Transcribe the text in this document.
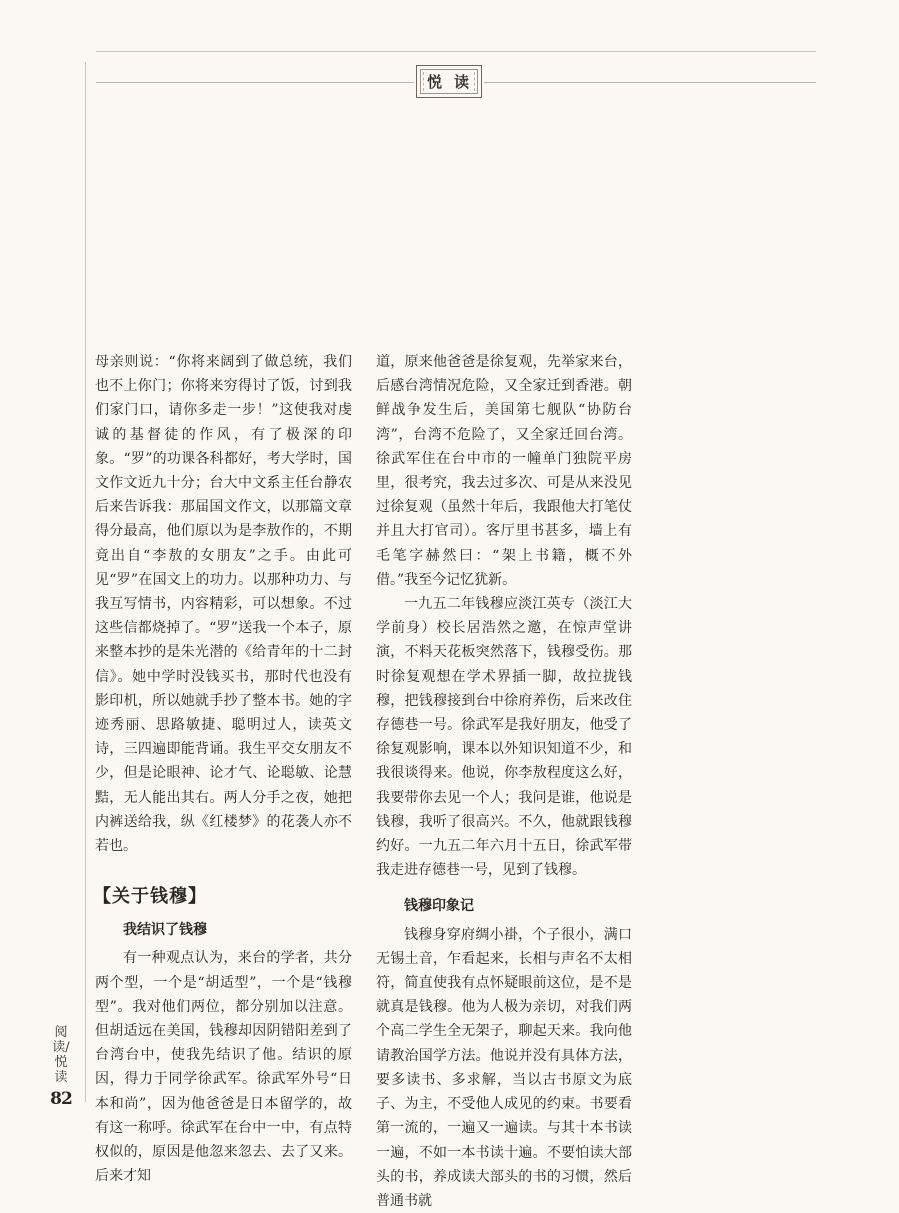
悦读

母亲则说：“你将来阔到了做总统，我们也不上你门；你将来穷得讨了饭，讨到我们家门口，请你多走一步！”这使我对虔诚的基督徒的作风，有了极深的印象。“罗”的功课各科都好，考大学时，国文作文近九十分；台大中文系主任台静农后来告诉我：那届国文作文，以那篇文章得分最高，他们原以为是李敖作的，不期竟出自“李敖的女朋友”之手。由此可见“罗”在国文上的功力。以那种功力、与我互写情书，内容精彩，可以想象。不过这些信都烧掉了。“罗”送我一个本子，原来整本抄的是朱光潜的《给青年的十二封信》。她中学时没钱买书，那时代也没有影印机，所以她就手抄了整本书。她的字迹秀丽、思路敏捷、聪明过人，读英文诗，三四遍即能背诵。我生平交女朋友不少，但是论眼神、论才气、论聪敏、论慧黠，无人能出其右。两人分手之夜，她把内裤送给我，纵《红楼梦》的花袭人亦不若也。

【关于钱穆】
我结识了钱穆

有一种观点认为，来台的学者，共分两个型，一个是“胡适型”，一个是“钱穆型”。我对他们两位，都分别加以注意。但胡适远在美国，钱穆却因阴错阳差到了台湾台中，使我先结识了他。结识的原因，得力于同学徐武军。徐武军外号“日本和尚”，因为他爸爸是日本留学的，故有这一称呼。徐武军在台中一中，有点特权似的，原因是他忽来忽去、去了又来。后来才知

道，原来他爸爸是徐复观，先举家来台，后感台湾情况危险，又全家迁到香港。朝鲜战争发生后，美国第七舰队“协防台湾”，台湾不危险了，又全家迁回台湾。徐武军住在台中市的一幢单门独院平房里，很考究，我去过多次、可是从来没见过徐复观（虽然十年后，我跟他大打笔仗并且大打官司）。客厅里书甚多，墙上有毛笔字赫然曰：“架上书籍，概不外借。”我至今记忆犹新。

一九五二年钱穆应淡江英专（淡江大学前身）校长居浩然之邀，在惊声堂讲演，不料天花板突然落下，钱穆受伤。那时徐复观想在学术界插一脚，故拉拢钱穆，把钱穆接到台中徐府养伤，后来改住存德巷一号。徐武军是我好朋友，他受了徐复观影响，课本以外知识知道不少，和我很谈得来。他说，你李敖程度这么好，我要带你去见一个人；我问是谁，他说是钱穆，我听了很高兴。不久，他就跟钱穆约好。一九五二年六月十五日，徐武军带我走进存德巷一号，见到了钱穆。

钱穆印象记

钱穆身穿府绸小褂，个子很小，满口无锡土音，乍看起来，长相与声名不太相符，简直使我有点怀疑眼前这位，是不是就真是钱穆。他为人极为亲切，对我们两个高二学生全无架子，聊起天来。我向他请教治国学方法。他说并没有具体方法，要多读书、多求解，当以古书原文为底子、为主，不受他人成见的约束。书要看第一流的，一遍又一遍读。与其十本书读一遍，不如一本书读十遍。不要怕读大部头的书，养成读大部头的书的习惯，然后普通书就

阅读/悦读
82
